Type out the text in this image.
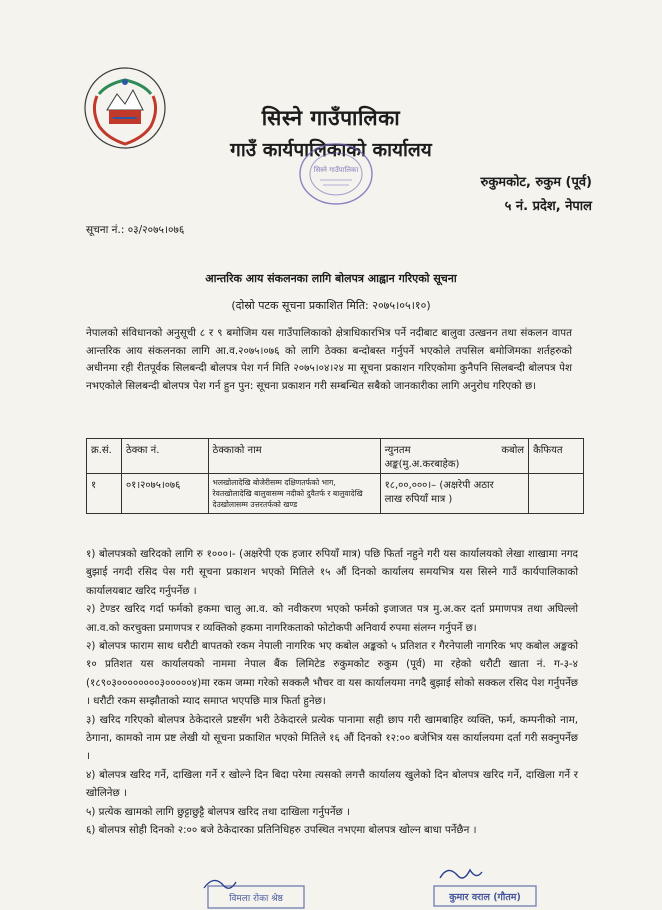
सिस्ने गाउँपालिका
गाउँ कार्यपालिकाको कार्यालय
सिस्ने गाउँपालिका
रुकुमकोट, रुकुम (पूर्व)
५ नं. प्रदेश, नेपाल
सूचना नं.: ०३/२०७५।०७६
आन्तरिक आय संकलनका लागि बोलपत्र आह्वान गरिएको सूचना
(दोस्रो पटक सूचना प्रकाशित मिति: २०७५।०५।१०)
नेपालको संविधानको अनुसूची ८ र ९ बमोजिम यस गाउँपालिकाको क्षेत्राधिकारभित्र पर्ने नदीबाट बालुवा उत्खनन तथा संकलन वापत आन्तरिक आय संकलनका लागि आ.व.२०७५।०७६ को लागि ठेक्का बन्दोबस्त गर्नुपर्ने भएकोले तपसिल बमोजिमका शर्तहरुको अधीनमा रही रीतपूर्वक सिलबन्दी बोलपत्र पेश गर्न मिति २०७५।०४।२४ मा सूचना प्रकाशन गरिएकोमा कुनैपनि सिलबन्दी बोलपत्र पेश नभएकोले सिलबन्दी बोलपत्र पेश गर्न हुन पुन: सूचना प्रकाशन गरी सम्बन्धित सबैको जानकारीका लागि अनुरोध गरिएको छ।
क्र.सं.	ठेक्का नं.	ठेक्काको नाम	न्युनतम कबोल
अङ्क(मु.अ.करबाहेक)	कैफियत
१	०१।२०७५।०७६	भलखोलादेखि बोजेरीसम्म दक्षिणतर्फको भाग, रेवतखोलादेखि बालुवासम्म नदीको दुवैतर्फ र बालुवादेखि देउखोलासम्म उत्तरतर्फको खण्ड	१८,००,०००।– (अक्षरेपी अठार
लाख रुपियाँ मात्र )	

१) बोलपत्रको खरिदको लागि रु १०००।- (अक्षरेपी एक हजार रुपियाँ मात्र) पछि फिर्ता नहुने गरी यस कार्यालयको लेखा शाखामा नगद बुझाई नगदी रसिद पेस गरी सूचना प्रकाशन भएको मितिले १५ औं दिनको कार्यालय समयभित्र यस सिस्ने गाउँ कार्यपालिकाको कार्यालयबाट खरिद गर्नुपर्नेछ ।

२) टेण्डर खरिद गर्दा फर्मको हकमा चालु आ.व. को नवीकरण भएको फर्मको इजाजत पत्र मु.अ.कर दर्ता प्रमाणपत्र तथा अघिल्लो आ.व.को करचुक्ता प्रमाणपत्र र व्यक्तिको हकमा नागरिकताको फोटोकपी अनिवार्य रुपमा संलग्न गर्नुपर्ने छ।

२) बोलपत्र फाराम साथ धरौटी बापतको रकम नेपाली नागरिक भए कबोल अङ्कको ५ प्रतिशत र गैरनेपाली नागरिक भए कबोल अङ्कको १० प्रतिशत यस कार्यालयको नाममा नेपाल बैंक लिमिटेड रुकुमकोट रुकुम (पूर्व) मा रहेको धरौटी खाता नं. ग-३-४ (१८९०३००००००००३०००००४)मा रकम जम्मा गरेको सक्कलै भौचर वा यस कार्यालयमा नगदै बुझाई सोको सक्कल रसिद पेश गर्नुपर्नेछ । धरौटी रकम सम्झौताको म्याद समाप्त भएपछि मात्र फिर्ता हुनेछ।

३) खरिद गरिएको बोलपत्र ठेकेदारले प्रष्टसँग भरी ठेकेदारले प्रत्येक पानामा सही छाप गरी खामबाहिर व्यक्ति, फर्म, कम्पनीको नाम, ठेगाना, कामको नाम प्रष्ट लेखी यो सूचना प्रकाशित भएको मितिले १६ औं दिनको १२:०० बजेभित्र यस कार्यालयमा दर्ता गरी सक्नुपर्नेछ ।

४) बोलपत्र खरिद गर्ने, दाखिला गर्ने र खोल्ने दिन बिदा परेमा त्यसको लगत्तै कार्यालय खुलेको दिन बोलपत्र खरिद गर्ने, दाखिला गर्ने र खोलिनेछ ।

५) प्रत्येक खामको लागि छुट्टाछुट्टै बोलपत्र खरिद तथा दाखिला गर्नुपर्नेछ ।

६) बोलपत्र सोही दिनको २:०० बजे ठेकेदारका प्रतिनिधिहरु उपस्थित नभएमा बोलपत्र खोल्न बाधा पर्नेछैन ।

विमला रोका श्रेष्ठ	कुमार वराल (गौतम)
